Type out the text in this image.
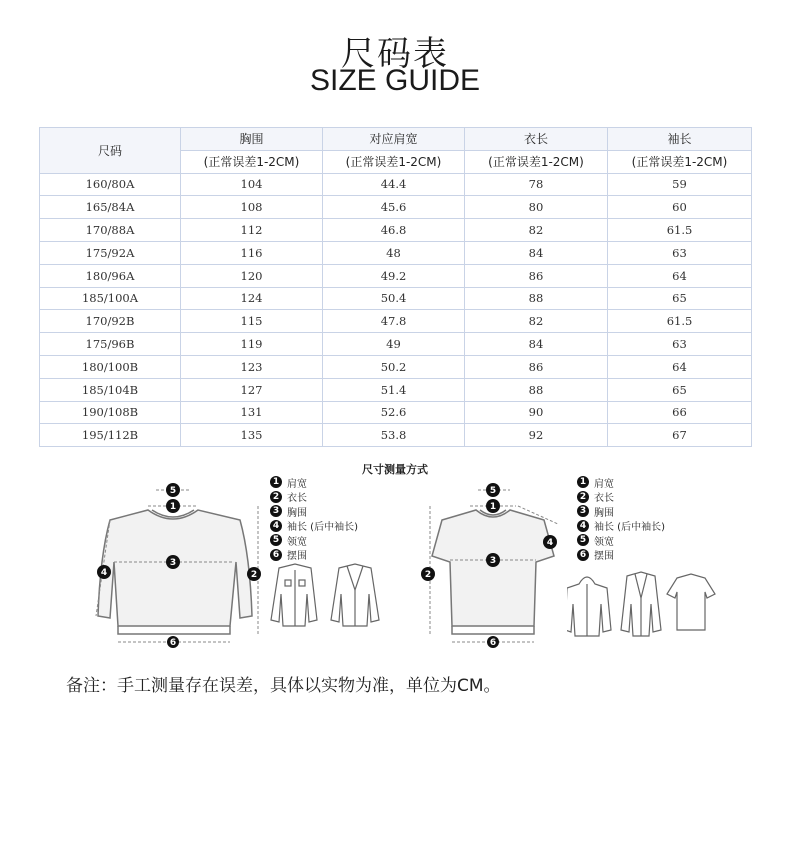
尺码表
SIZE GUIDE
尺码	胸围	对应肩宽	衣长	袖长
	(正常误差1-2CM)	(正常误差1-2CM)	(正常误差1-2CM)	(正常误差1-2CM)
160/80A	104	44.4	78	59
165/84A	108	45.6	80	60
170/88A	112	46.8	82	61.5
175/92A	116	48	84	63
180/96A	120	49.2	86	64
185/100A	124	50.4	88	65
170/92B	115	47.8	82	61.5
175/96B	119	49	84	63
180/100B	123	50.2	86	64
185/104B	127	51.4	88	65
190/108B	131	52.6	90	66
195/112B	135	53.8	92	67
尺寸测量方式
5
1
3
6
2
4
1 肩宽
2 衣长
3 胸围
4 袖长 (后中袖长)
5 领宽
6 摆围
5
1
3
6
2
4
1 肩宽
2 衣长
3 胸围
4 袖长 (后中袖长)
5 领宽
6 摆围
备注：手工测量存在误差，具体以实物为准，单位为CM。
